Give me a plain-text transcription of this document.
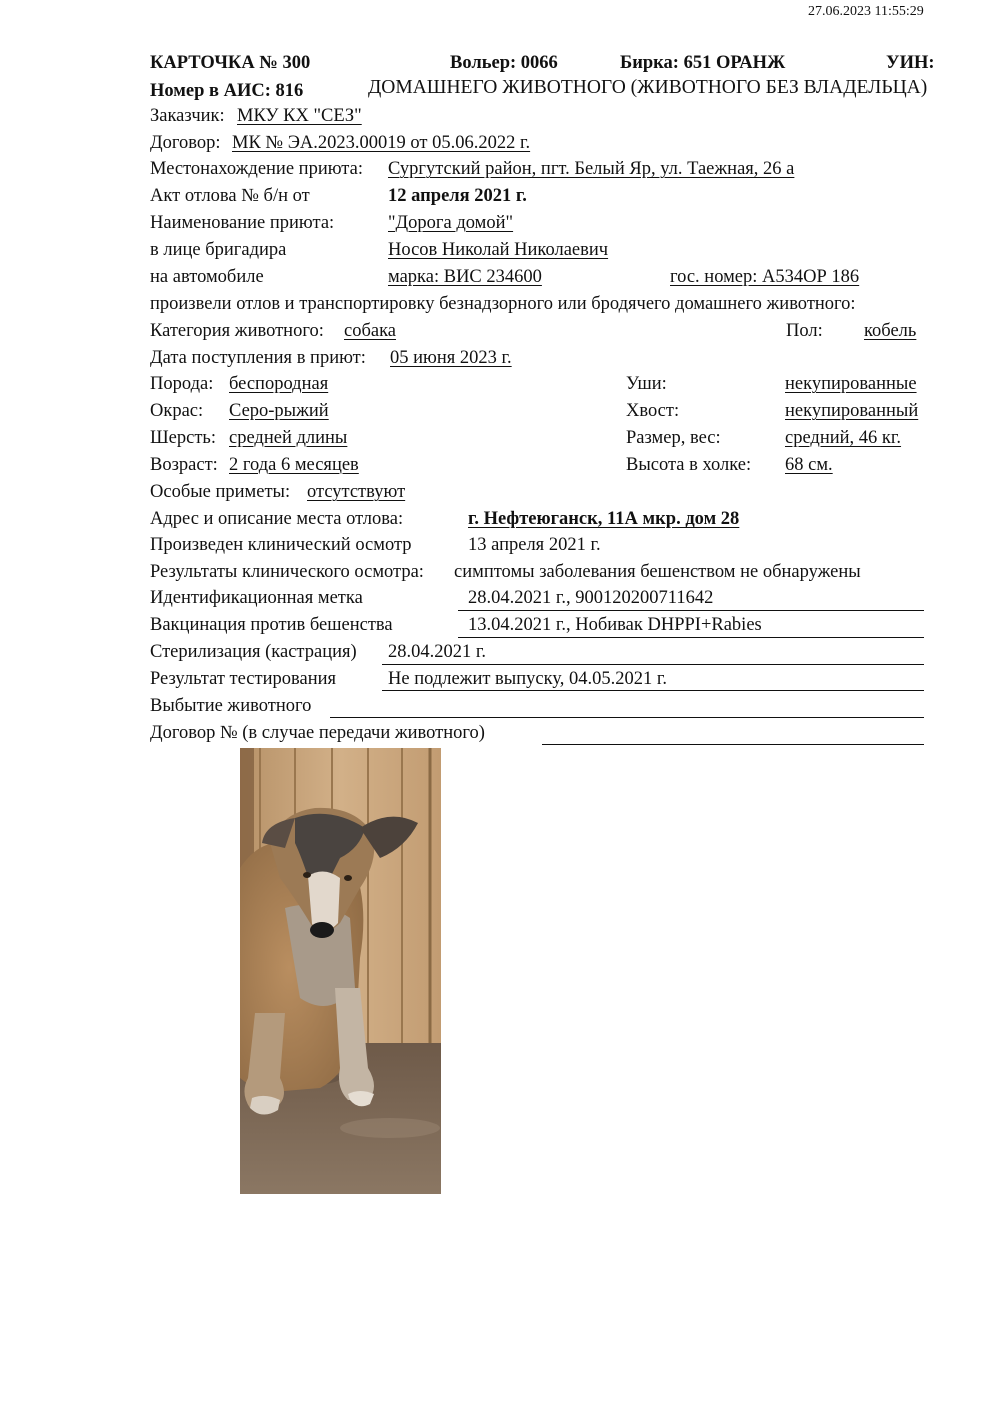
27.06.2023 11:55:29
КАРТОЧКА № 300	Вольер: 0066	Бирка: 651 ОРАНЖ	УИН:
Номер в АИС: 816	ДОМАШНЕГО ЖИВОТНОГО (ЖИВОТНОГО БЕЗ ВЛАДЕЛЬЦА)
Заказчик: МКУ КХ "СЕЗ"
Договор: МК № ЭА.2023.00019 от 05.06.2022 г.
Местонахождение приюта: Сургутский район, пгт. Белый Яр, ул. Таежная, 26 а
Акт отлова № б/н от	12 апреля 2021 г.
Наименование приюта:	"Дорога домой"
в лице бригадира	Носов Николай Николаевич
на автомобиле	марка: ВИС 234600	гос. номер: А534ОР 186
произвели отлов и транспортировку безнадзорного или бродячего домашнего животного:
Категория животного: собака	Пол: кобель
Дата поступления в приют: 05 июня 2023 г.
Порода: беспородная	Уши:	некупированные
Окрас: Серо-рыжий	Хвост:	некупированный
Шерсть: средней длины	Размер, вес:	средний, 46 кг.
Возраст: 2 года 6 месяцев	Высота в холке: 68 см.
Особые приметы: отсутствуют
Адрес и описание места отлова:	г. Нефтеюганск, 11А мкр. дом 28
Произведен клинический осмотр	13 апреля 2021 г.
Результаты клинического осмотра: симптомы заболевания бешенством не обнаружены
Идентификационная метка	28.04.2021 г., 900120200711642
Вакцинация против бешенства	13.04.2021 г., Нобивак DHPPI+Rabies
Стерилизация (кастрация) 28.04.2021 г.
Результат тестирования	Не подлежит выпуску, 04.05.2021 г.
Выбытие животного
Договор № (в случае передачи животного)
